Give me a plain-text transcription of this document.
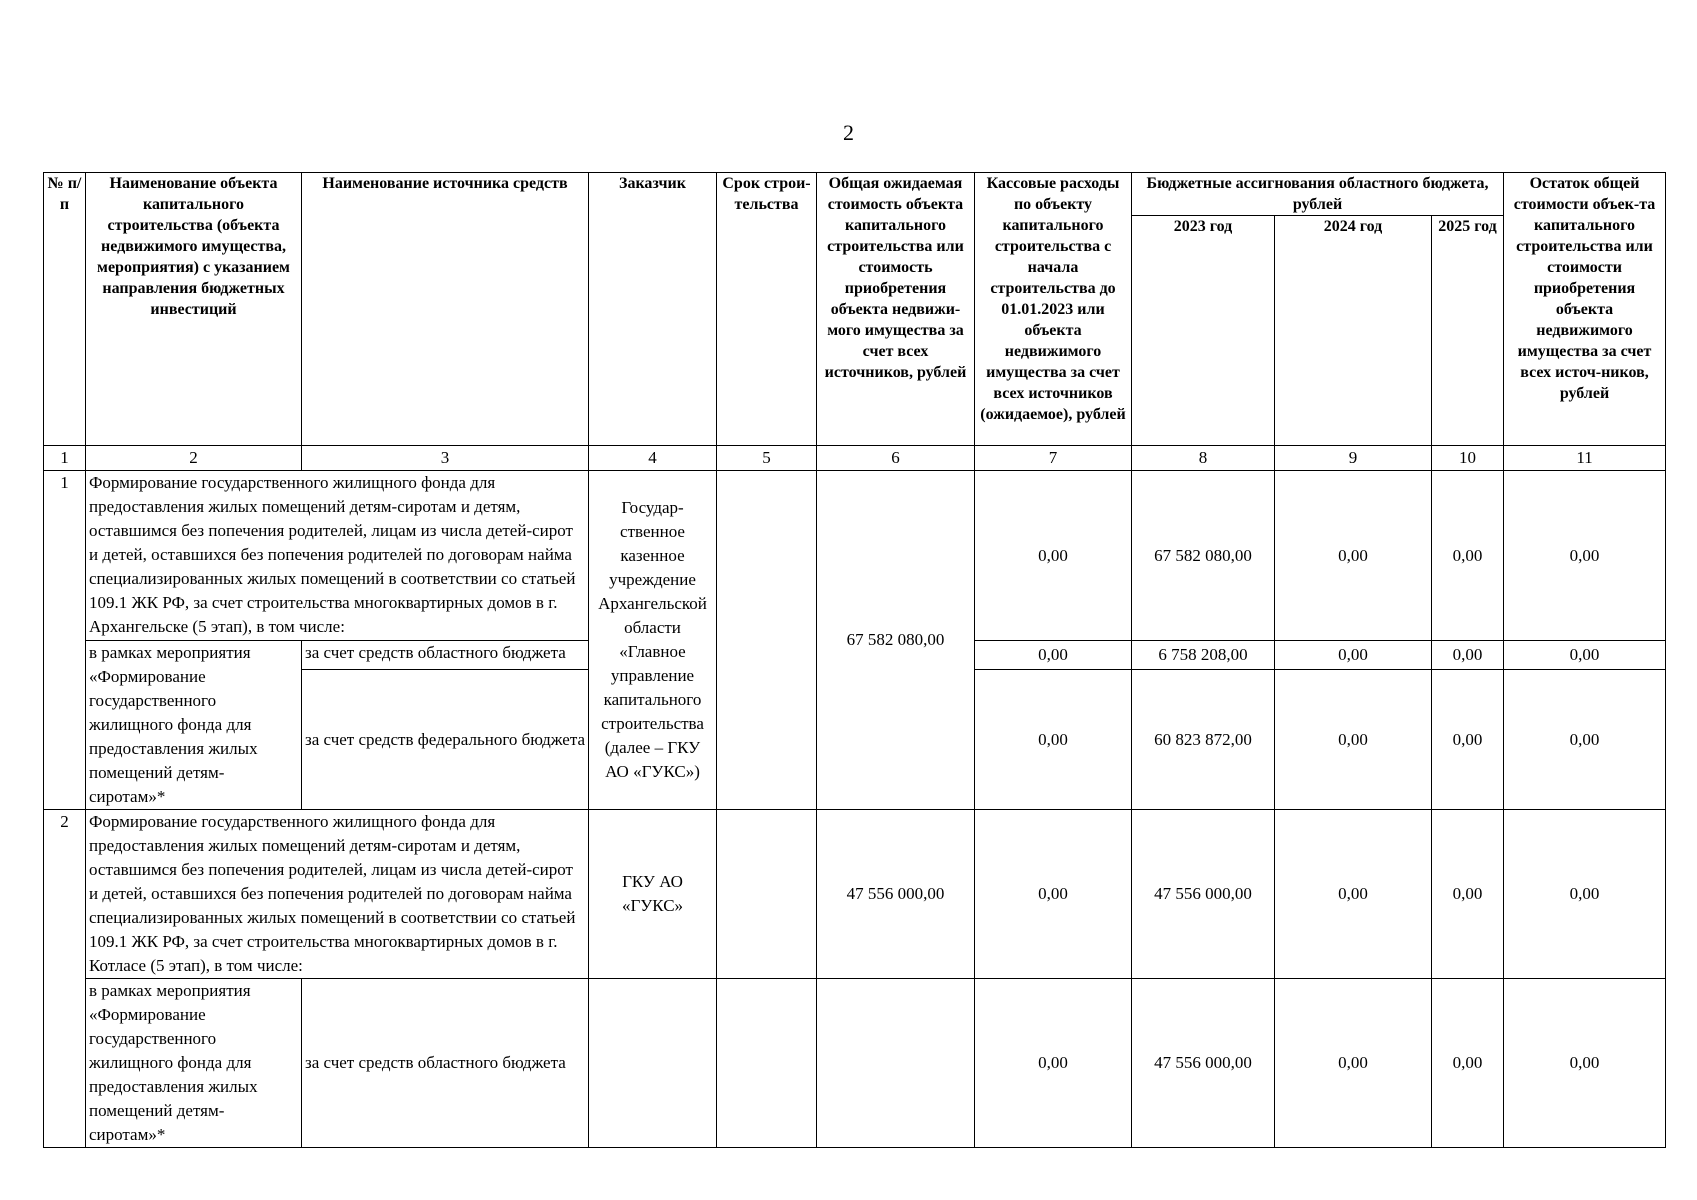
2
№ п/п	Наименование объекта капитального строительства (объекта недвижимого имущества, мероприятия) с указанием направления бюджетных инвестиций	Наименование источника средств	Заказчик	Срок строи-тельства	Общая ожидаемая стоимость объекта капитального строительства или стоимость приобретения объекта недвижи-мого имущества за счет всех источников, рублей	Кассовые расходы по объекту капитального строительства с начала строительства до 01.01.2023 или объекта недвижимого имущества за счет всех источников (ожидаемое), рублей	Бюджетные ассигнования областного бюджета, рублей			Остаток общей стоимости объек-та капитального строительства или стоимости приобретения объекта недвижимого имущества за счет всех источ-ников, рублей
							2023 год	2024 год	2025 год	
1	2	3	4	5	6	7	8	9	10	11
1	Формирование государственного жилищного фонда для предоставления жилых помещений детям-сиротам и детям, оставшимся без попечения родителей, лицам из числа детей-сирот и детей, оставшихся без попечения родителей по договорам найма специализированных жилых помещений в соответствии со статьей 109.1 ЖК РФ, за счет строительства многоквартирных домов в г. Архангельске (5 этап), в том числе:		Государ-ственное казенное учреждение Архангельской области «Главное управление капитального строительства (далее – ГКУ АО «ГУКС»)		67 582 080,00	0,00	67 582 080,00	0,00	0,00	0,00
	в рамках мероприятия «Формирование государственного жилищного фонда для предоставления жилых помещений детям-сиротам»*	за счет средств областного бюджета				0,00	6 758 208,00	0,00	0,00	0,00
		за счет средств федерального бюджета				0,00	60 823 872,00	0,00	0,00	0,00
2	Формирование государственного жилищного фонда для предоставления жилых помещений детям-сиротам и детям, оставшимся без попечения родителей, лицам из числа детей-сирот и детей, оставшихся без попечения родителей по договорам найма специализированных жилых помещений в соответствии со статьей 109.1 ЖК РФ, за счет строительства многоквартирных домов в г. Котласе (5 этап), в том числе:		ГКУ АО «ГУКС»		47 556 000,00	0,00	47 556 000,00	0,00	0,00	0,00
	в рамках мероприятия «Формирование государственного жилищного фонда для предоставления жилых помещений детям-сиротам»*	за счет средств областного бюджета				0,00	47 556 000,00	0,00	0,00	0,00
